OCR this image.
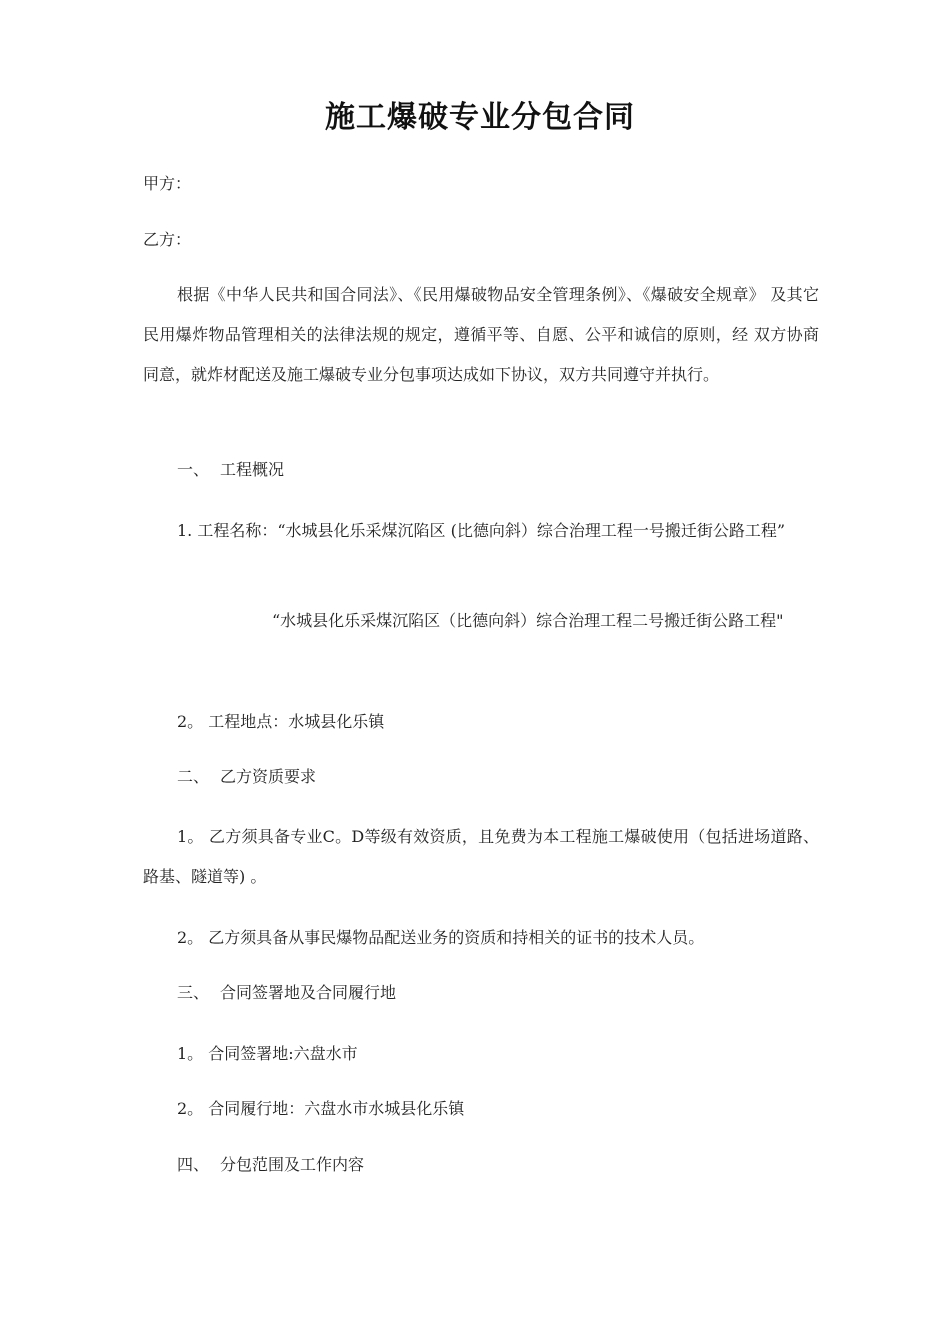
施工爆破专业分包合同
甲方：
乙方：
根据《中华人民共和国合同法》、《民用爆破物品安全管理条例》、《爆破安全规章》 及其它民用爆炸物品管理相关的法律法规的规定，遵循平等、自愿、公平和诚信的原则，经 双方协商同意，就炸材配送及施工爆破专业分包事项达成如下协议，双方共同遵守并执行。
一、 工程概况
1. 工程名称：“水城县化乐采煤沉陷区 (比德向斜）综合治理工程一号搬迁街公路工程”
“水城县化乐采煤沉陷区（比德向斜）综合治理工程二号搬迁街公路工程"
2。 工程地点：水城县化乐镇
二、 乙方资质要求
1。 乙方须具备专业C。D等级有效资质，且免费为本工程施工爆破使用（包括进场道路、 路基、隧道等) 。
2。 乙方须具备从事民爆物品配送业务的资质和持相关的证书的技术人员。
三、 合同签署地及合同履行地
1。 合同签署地:六盘水市
2。 合同履行地：六盘水市水城县化乐镇
四、 分包范围及工作内容
